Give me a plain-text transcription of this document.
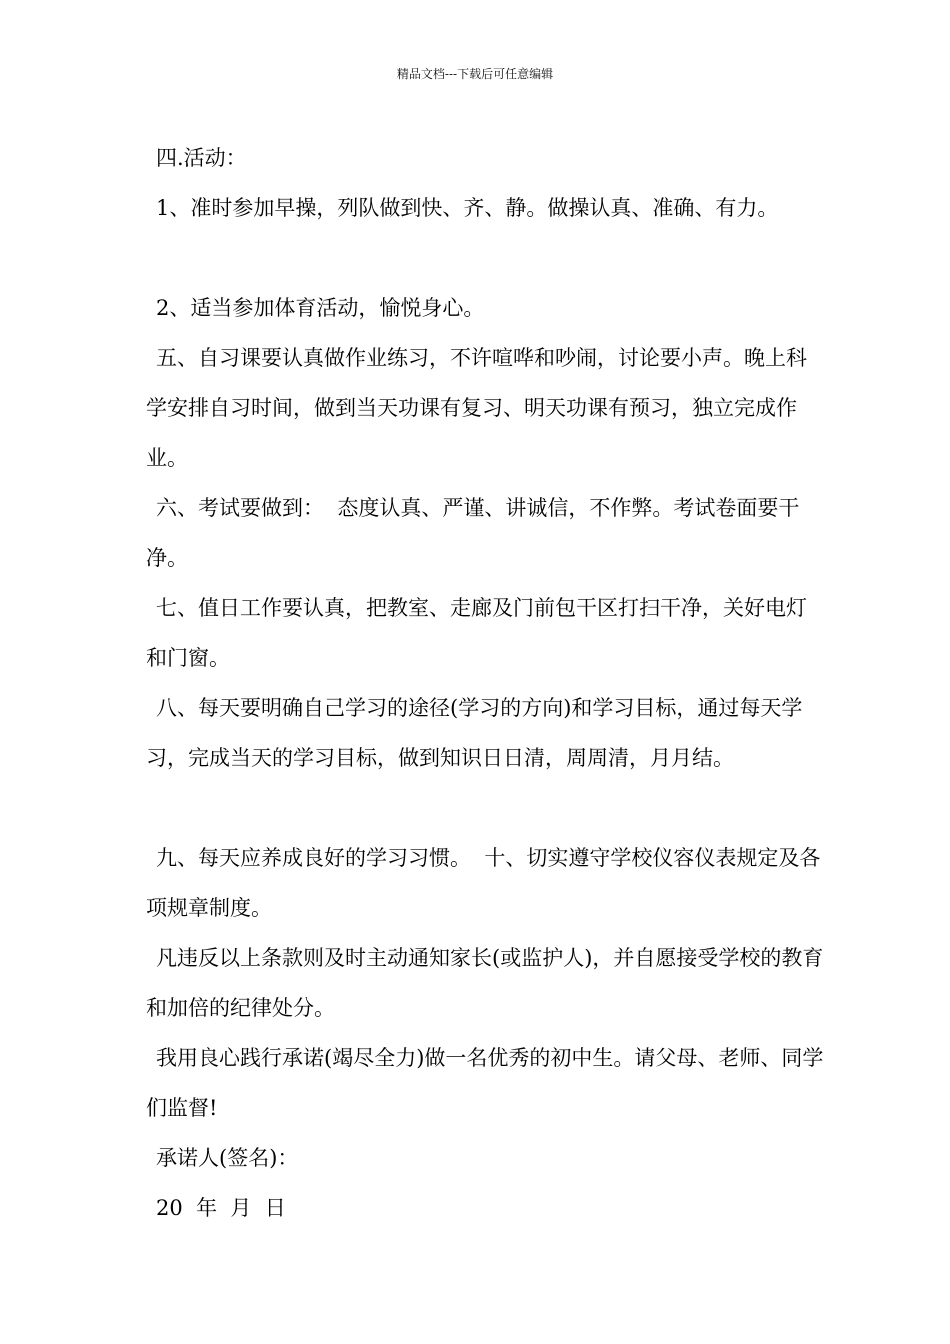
精品文档---下载后可任意编辑

四.活动：

1、准时参加早操，列队做到快、齐、静。做操认真、准确、有力。

2、适当参加体育活动，愉悦身心。

五、自习课要认真做作业练习，不许喧哗和吵闹，讨论要小声。晚上科学安排自习时间，做到当天功课有复习、明天功课有预习，独立完成作业。

六、考试要做到：  态度认真、严谨、讲诚信，不作弊。考试卷面要干净。

七、值日工作要认真，把教室、走廊及门前包干区打扫干净，关好电灯和门窗。

八、每天要明确自己学习的途径(学习的方向)和学习目标，通过每天学习，完成当天的学习目标，做到知识日日清，周周清，月月结。

九、每天应养成良好的学习习惯。  十、切实遵守学校仪容仪表规定及各项规章制度。

凡违反以上条款则及时主动通知家长(或监护人)，并自愿接受学校的教育和加倍的纪律处分。

我用良心践行承诺(竭尽全力)做一名优秀的初中生。请父母、老师、同学们监督!

承诺人(签名)：

20  年  月  日
